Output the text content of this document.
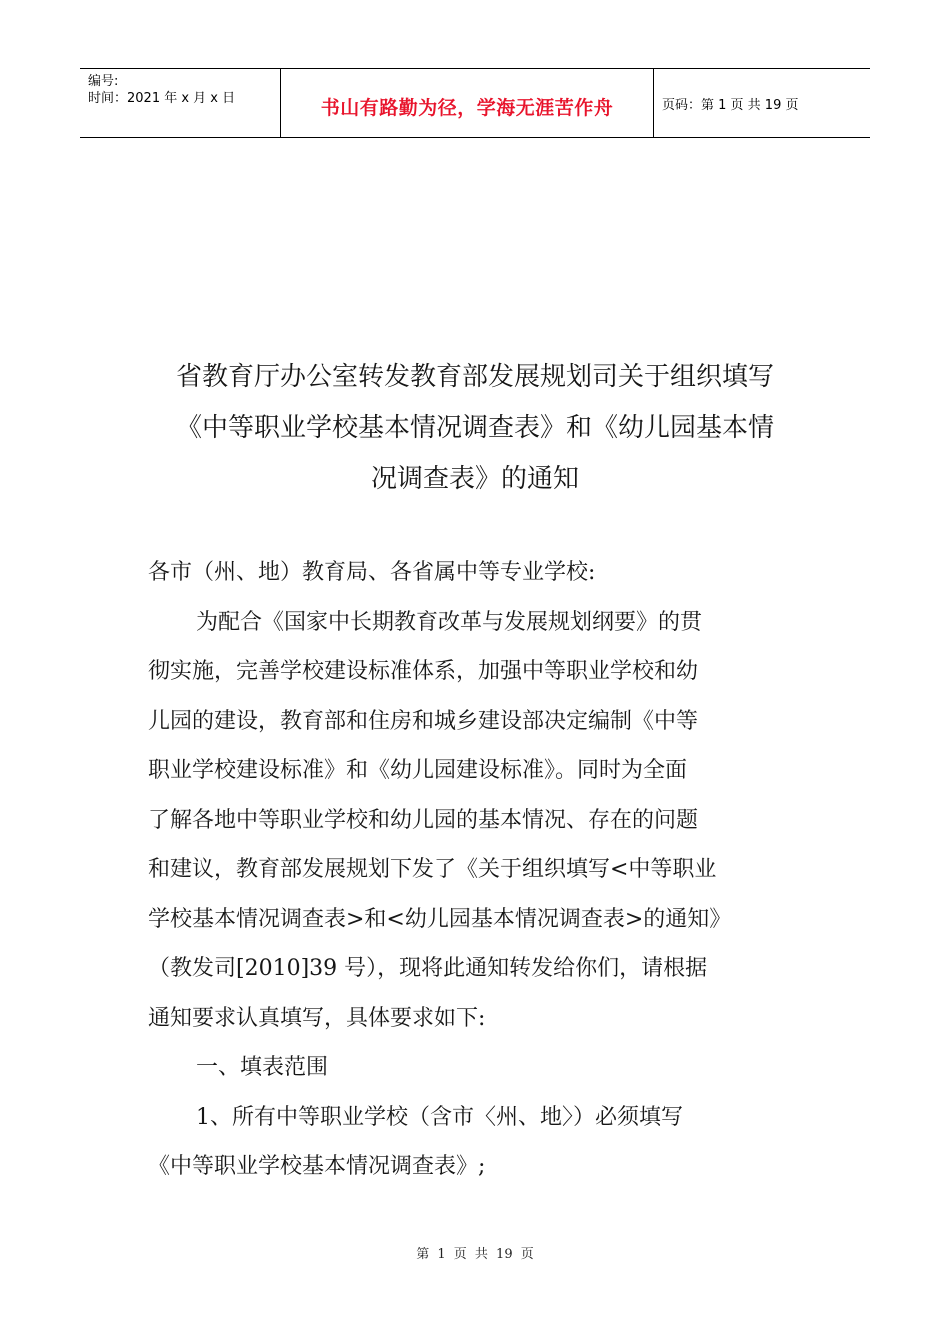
编号:
时间：2021 年 x 月 x 日	书山有路勤为径，学海无涯苦作舟	页码：第 1 页 共 19 页
省教育厅办公室转发教育部发展规划司关于组织填写
《中等职业学校基本情况调查表》和《幼儿园基本情
况调查表》的通知
各市（州、地）教育局、各省属中等专业学校:
为配合《国家中长期教育改革与发展规划纲要》的贯
彻实施，完善学校建设标准体系，加强中等职业学校和幼
儿园的建设，教育部和住房和城乡建设部决定编制《中等
职业学校建设标准》和《幼儿园建设标准》。同时为全面
了解各地中等职业学校和幼儿园的基本情况、存在的问题
和建议，教育部发展规划下发了《关于组织填写<中等职业
学校基本情况调查表>和<幼儿园基本情况调查表>的通知》
（教发司[2010]39 号），现将此通知转发给你们，请根据
通知要求认真填写，具体要求如下:
一、填表范围
1、所有中等职业学校（含市〈州、地〉）必须填写
《中等职业学校基本情况调查表》;
第 1 页 共 19 页
